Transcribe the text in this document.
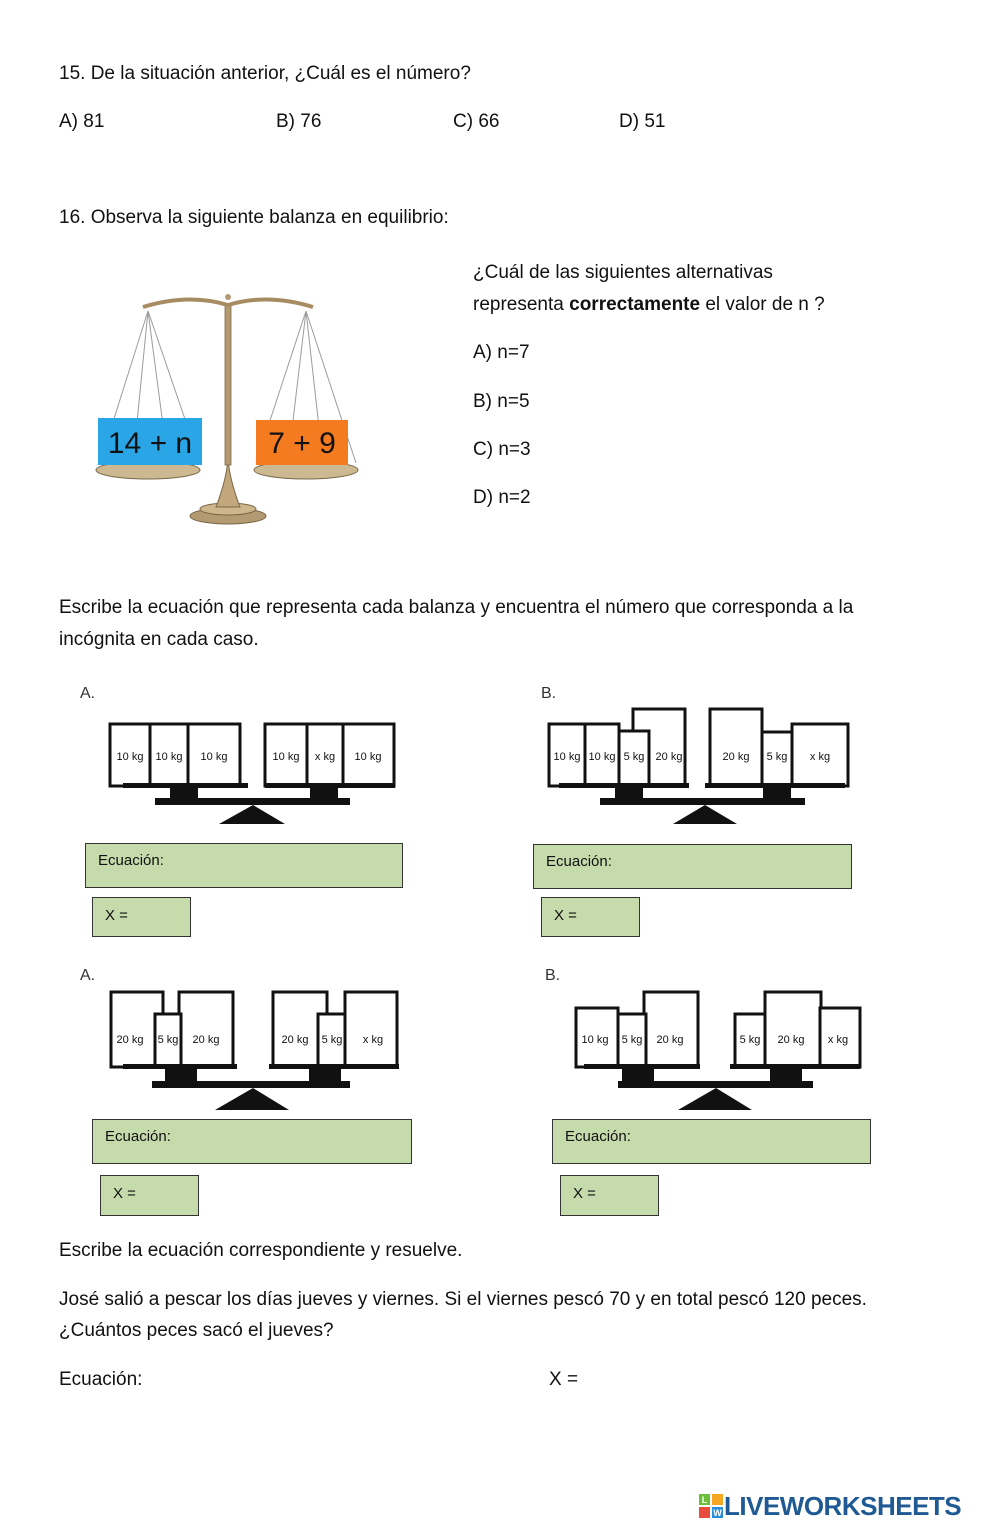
15. De la situación anterior, ¿Cuál es el número?
A) 81	B) 76	C) 66	D) 51
16. Observa la siguiente balanza en equilibrio:
14 + n	7 + 9
¿Cuál de las siguientes alternativas
representa correctamente el valor de n ?
A) n=7
B) n=5
C) n=3
D) n=2
Escribe la ecuación que representa cada balanza y encuentra el número que corresponda a la
incógnita en cada caso.
A.
10 kg 10 kg 10 kg	10 kg x kg 10 kg
Ecuación:
X =
B.
10 kg 10 kg 5 kg 20 kg	20 kg 5 kg x kg
Ecuación:
X =
A.
20 kg 5 kg 20 kg	20 kg 5 kg x kg
Ecuación:
X =
B.
10 kg 5 kg 20 kg	5 kg 20 kg x kg
Ecuación:
X =
Escribe la ecuación correspondiente y resuelve.
José salió a pescar los días jueves y viernes. Si el viernes pescó 70 y en total pescó 120 peces.
¿Cuántos peces sacó el jueves?
Ecuación:	X =
L
W LIVEWORKSHEETS
